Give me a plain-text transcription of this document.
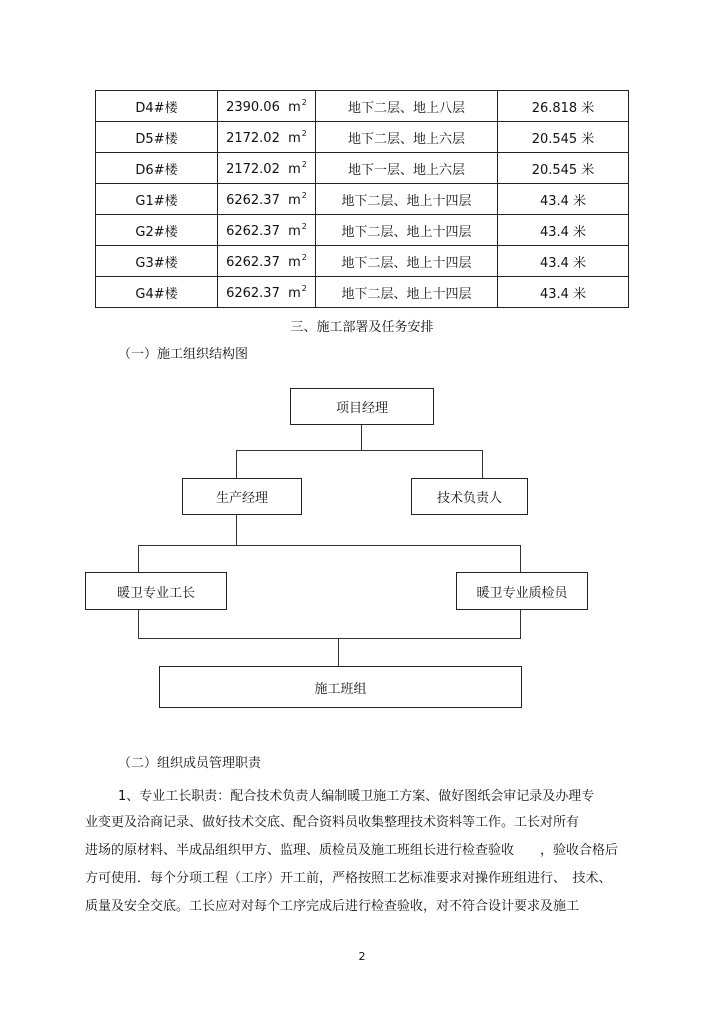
D4#楼	2390.06 $m^2$	地下二层、地上八层	26.818 米
D5#楼	2172.02 $m^2$	地下二层、地上六层	20.545 米
D6#楼	2172.02 $m^2$	地下一层、地上六层	20.545 米
G1#楼	6262.37 $m^2$	地下二层、地上十四层	43.4 米
G2#楼	6262.37 $m^2$	地下二层、地上十四层	43.4 米
G3#楼	6262.37 $m^2$	地下二层、地上十四层	43.4 米
G4#楼	6262.37 $m^2$	地下二层、地上十四层	43.4 米
三、施工部署及任务安排
（一）施工组织结构图
项目经理
生产经理	技术负责人
暖卫专业工长	暖卫专业质检员
施工班组
（二）组织成员管理职责
1、专业工长职责：配合技术负责人编制暖卫施工方案、做好图纸会审记录及办理专
业变更及洽商记录、做好技术交底、配合资料员收集整理技术资料等工作。工长对所有
进场的原材料、半成品组织甲方、监理、质检员及施工班组长进行检查验收　　，验收合格后
方可使用．每个分项工程（工序）开工前，严格按照工艺标准要求对操作班组进行、　技术、
质量及安全交底。工长应对对每个工序完成后进行检查验收，对不符合设计要求及施工
2
